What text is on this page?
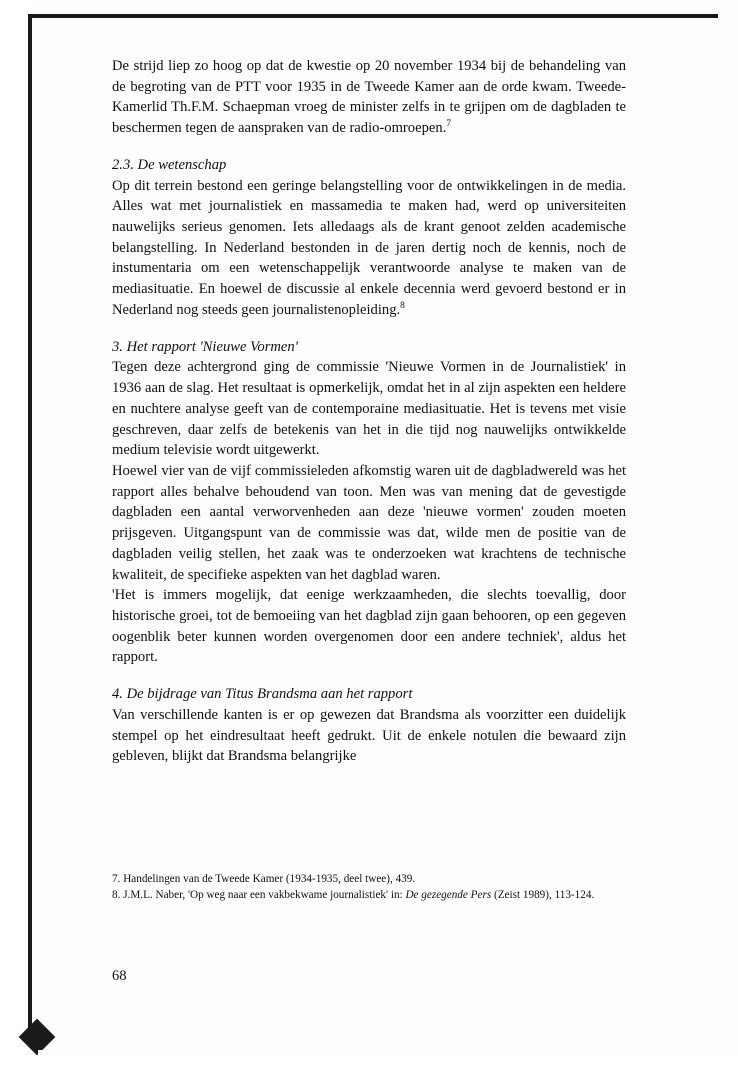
De strijd liep zo hoog op dat de kwestie op 20 november 1934 bij de behandeling van de begroting van de PTT voor 1935 in de Tweede Kamer aan de orde kwam. Tweede-Kamerlid Th.F.M. Schaepman vroeg de minister zelfs in te grijpen om de dagbladen te beschermen tegen de aanspraken van de radio-omroepen.$^7$

2.3. De wetenschap

Op dit terrein bestond een geringe belangstelling voor de ontwikkelingen in de media. Alles wat met journalistiek en massamedia te maken had, werd op universiteiten nauwelijks serieus genomen. Iets alledaags als de krant genoot zelden academische belangstelling. In Nederland bestonden in de jaren dertig noch de kennis, noch de instumentaria om een wetenschappelijk verantwoorde analyse te maken van de mediasituatie. En hoewel de discussie al enkele decennia werd gevoerd bestond er in Nederland nog steeds geen journalistenopleiding.$^8$

3. Het rapport 'Nieuwe Vormen'

Tegen deze achtergrond ging de commissie 'Nieuwe Vormen in de Journalistiek' in 1936 aan de slag. Het resultaat is opmerkelijk, omdat het in al zijn aspekten een heldere en nuchtere analyse geeft van de contemporaine mediasituatie. Het is tevens met visie geschreven, daar zelfs de betekenis van het in die tijd nog nauwelijks ontwikkelde medium televisie wordt uitgewerkt.

Hoewel vier van de vijf commissieleden afkomstig waren uit de dagbladwereld was het rapport alles behalve behoudend van toon. Men was van mening dat de gevestigde dagbladen een aantal verworvenheden aan deze 'nieuwe vormen' zouden moeten prijsgeven. Uitgangspunt van de commissie was dat, wilde men de positie van de dagbladen veilig stellen, het zaak was te onderzoeken wat krachtens de technische kwaliteit, de specifieke aspekten van het dagblad waren.

'Het is immers mogelijk, dat eenige werkzaamheden, die slechts toevallig, door historische groei, tot de bemoeiing van het dagblad zijn gaan behooren, op een gegeven oogenblik beter kunnen worden overgenomen door een andere techniek', aldus het rapport.

4. De bijdrage van Titus Brandsma aan het rapport

Van verschillende kanten is er op gewezen dat Brandsma als voorzitter een duidelijk stempel op het eindresultaat heeft gedrukt. Uit de enkele notulen die bewaard zijn gebleven, blijkt dat Brandsma belangrijke

7. Handelingen van de Tweede Kamer (1934-1935, deel twee), 439.

8. J.M.L. Naber, 'Op weg naar een vakbekwame journalistiek' in: De gezegende Pers (Zeist 1989), 113-124.

68
